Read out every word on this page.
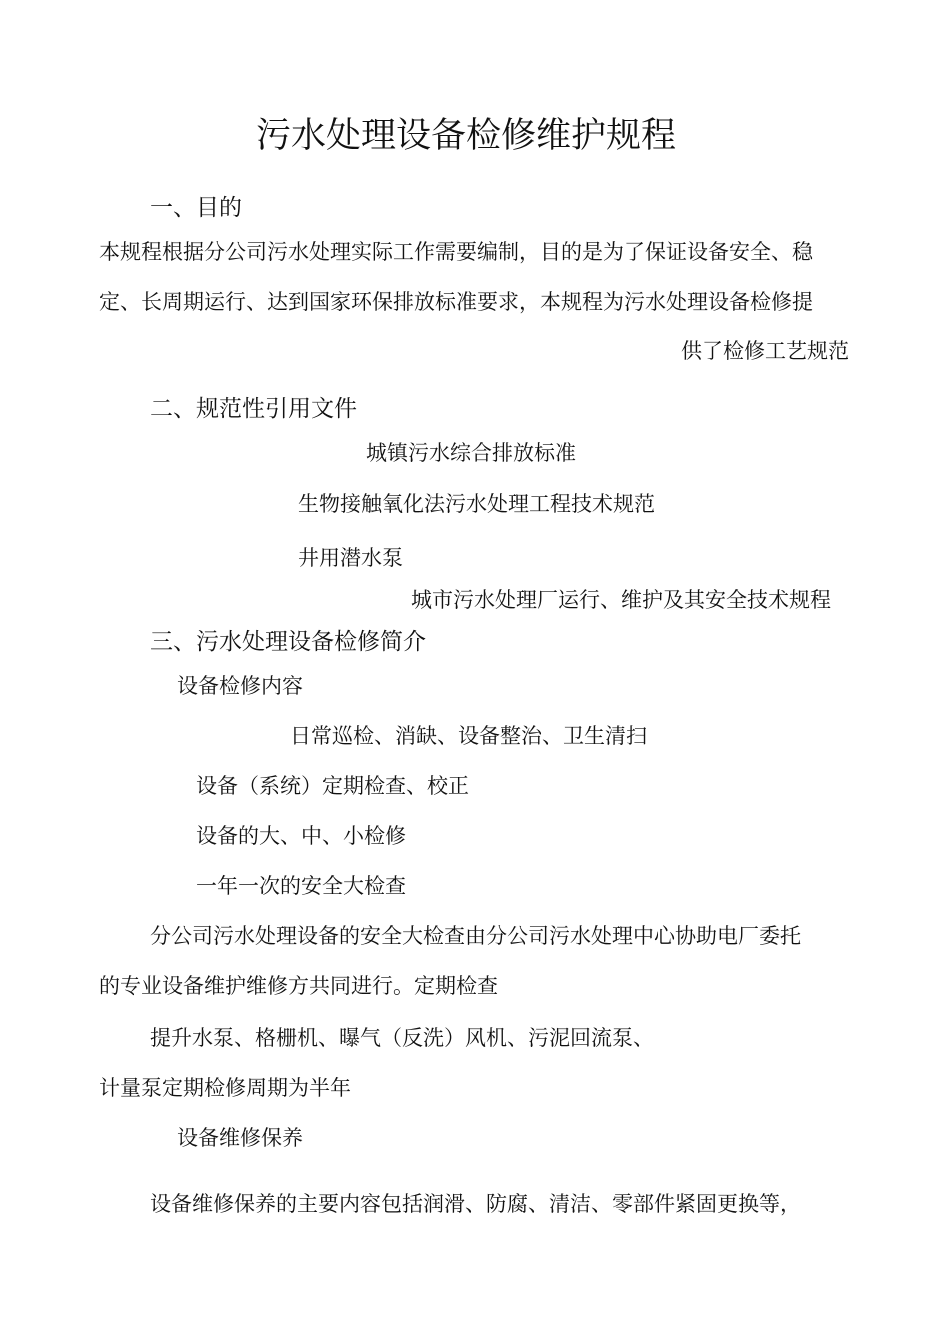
污水处理设备检修维护规程
一、目的
本规程根据分公司污水处理实际工作需要编制，目的是为了保证设备安全、稳
定、长周期运行、达到国家环保排放标准要求，本规程为污水处理设备检修提
供了检修工艺规范
二、规范性引用文件
城镇污水综合排放标准
生物接触氧化法污水处理工程技术规范
井用潜水泵
城市污水处理厂运行、维护及其安全技术规程
三、污水处理设备检修简介
设备检修内容
日常巡检、消缺、设备整治、卫生清扫
设备（系统）定期检查、校正
设备的大、中、小检修
一年一次的安全大检查
分公司污水处理设备的安全大检查由分公司污水处理中心协助电厂委托
的专业设备维护维修方共同进行。定期检查
提升水泵、格栅机、曝气（反洗）风机、污泥回流泵、
计量泵定期检修周期为半年
设备维修保养
设备维修保养的主要内容包括润滑、防腐、清洁、零部件紧固更换等，
